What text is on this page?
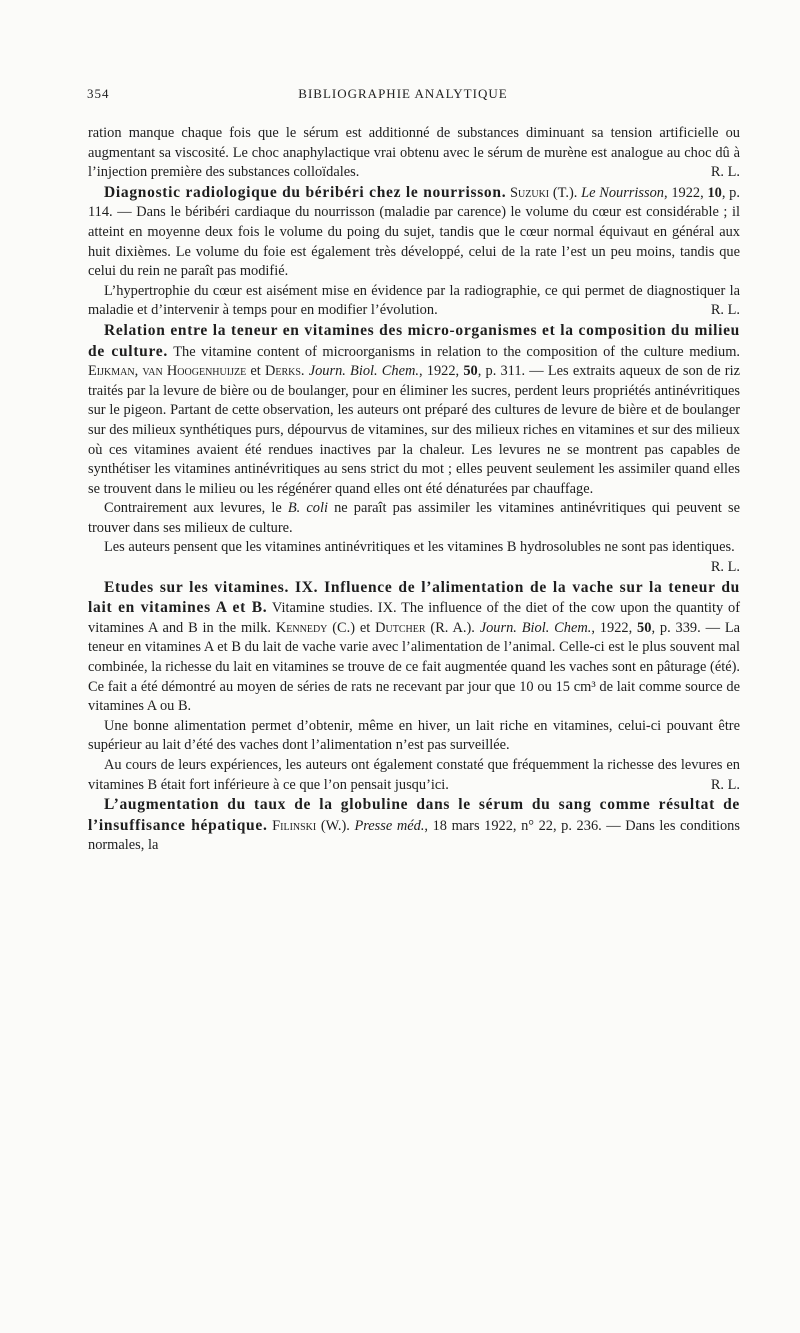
354	BIBLIOGRAPHIE ANALYTIQUE

ration manque chaque fois que le sérum est additionné de substances diminuant sa tension artificielle ou augmentant sa viscosité. Le choc anaphylactique vrai obtenu avec le sérum de murène est analogue au choc dû à l’injection première des substances colloïdales.	R. L.

Diagnostic radiologique du béribéri chez le nourrisson. Suzuki (T.). Le Nourrisson, 1922, 10, p. 114. — Dans le béribéri cardiaque du nourrisson (maladie par carence) le volume du cœur est considérable ; il atteint en moyenne deux fois le volume du poing du sujet, tandis que le cœur normal équivaut en général aux huit dixièmes. Le volume du foie est également très développé, celui de la rate l’est un peu moins, tandis que celui du rein ne paraît pas modifié.

L’hypertrophie du cœur est aisément mise en évidence par la radiographie, ce qui permet de diagnostiquer la maladie et d’intervenir à temps pour en modifier l’évolution.	R. L.

Relation entre la teneur en vitamines des micro-organismes et la composition du milieu de culture. The vitamine content of microorganisms in relation to the composition of the culture medium. Eijkman, van Hoogenhuijze et Derks. Journ. Biol. Chem., 1922, 50, p. 311. — Les extraits aqueux de son de riz traités par la levure de bière ou de boulanger, pour en éliminer les sucres, perdent leurs propriétés antinévritiques sur le pigeon. Partant de cette observation, les auteurs ont préparé des cultures de levure de bière et de boulanger sur des milieux synthétiques purs, dépourvus de vitamines, sur des milieux riches en vitamines et sur des milieux où ces vitamines avaient été rendues inactives par la chaleur. Les levures ne se montrent pas capables de synthétiser les vitamines antinévritiques au sens strict du mot ; elles peuvent seulement les assimiler quand elles se trouvent dans le milieu ou les régénérer quand elles ont été dénaturées par chauffage.

Contrairement aux levures, le B. coli ne paraît pas assimiler les vitamines antinévritiques qui peuvent se trouver dans ses milieux de culture.

Les auteurs pensent que les vitamines antinévritiques et les vitamines B hydrosolubles ne sont pas identiques.
R. L.

Etudes sur les vitamines. IX. Influence de l’alimentation de la vache sur la teneur du lait en vitamines A et B. Vitamine studies. IX. The influence of the diet of the cow upon the quantity of vitamines A and B in the milk. Kennedy (C.) et Dutcher (R. A.). Journ. Biol. Chem., 1922, 50, p. 339. — La teneur en vitamines A et B du lait de vache varie avec l’alimentation de l’animal. Celle-ci est le plus souvent mal combinée, la richesse du lait en vitamines se trouve de ce fait augmentée quand les vaches sont en pâturage (été). Ce fait a été démontré au moyen de séries de rats ne recevant par jour que 10 ou 15 cm³ de lait comme source de vitamines A ou B.

Une bonne alimentation permet d’obtenir, même en hiver, un lait riche en vitamines, celui-ci pouvant être supérieur au lait d’été des vaches dont l’alimentation n’est pas surveillée.

Au cours de leurs expériences, les auteurs ont également constaté que fréquemment la richesse des levures en vitamines B était fort inférieure à ce que l’on pensait jusqu’ici.	R. L.

L’augmentation du taux de la globuline dans le sérum du sang comme résultat de l’insuffisance hépatique. Filinski (W.). Presse méd., 18 mars 1922, n° 22, p. 236. — Dans les conditions normales, la
